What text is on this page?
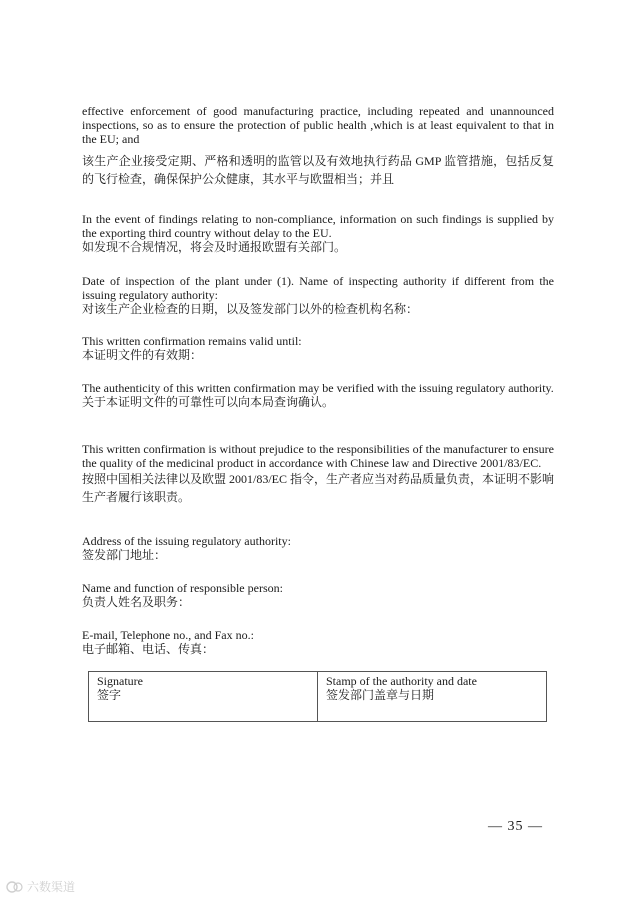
effective enforcement of good manufacturing practice, including repeated and unannounced inspections, so as to ensure the protection of public health ,which is at least equivalent to that in the EU; and
该生产企业接受定期、严格和透明的监管以及有效地执行药品 GMP 监管措施，包括反复的飞行检查，确保保护公众健康，其水平与欧盟相当；并且
In the event of findings relating to non-compliance, information on such findings is supplied by the exporting third country without delay to the EU.
如发现不合规情况，将会及时通报欧盟有关部门。
Date of inspection of the plant under (1). Name of inspecting authority if different from the issuing regulatory authority:
对该生产企业检查的日期，以及签发部门以外的检查机构名称：
This written confirmation remains valid until:
本证明文件的有效期：
The authenticity of this written confirmation may be verified with the issuing regulatory authority.
关于本证明文件的可靠性可以向本局查询确认。
This written confirmation is without prejudice to the responsibilities of the manufacturer to ensure the quality of the medicinal product in accordance with Chinese law and Directive 2001/83/EC.
按照中国相关法律以及欧盟 2001/83/EC 指令，生产者应当对药品质量负责，本证明不影响生产者履行该职责。
Address of the issuing regulatory authority:
签发部门地址：
Name and function of responsible person:
负责人姓名及职务：
E-mail, Telephone no., and Fax no.:
电子邮箱、电话、传真：
Signature
签字

Stamp of the authority and date
签发部门盖章与日期
— 35 —
六数渠道
